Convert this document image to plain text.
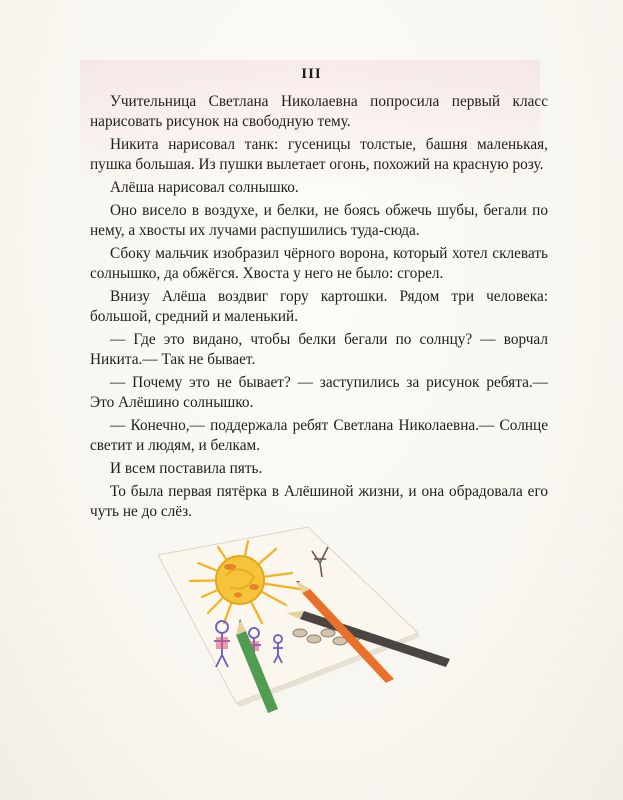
III

Учительница Светлана Николаевна попросила первый класс нарисовать рисунок на свободную тему.

Никита нарисовал танк: гусеницы толстые, башня маленькая, пушка большая. Из пушки вылетает огонь, похожий на красную розу.

Алёша нарисовал солнышко.

Оно висело в воздухе, и белки, не боясь обжечь шубы, бегали по нему, а хвосты их лучами распушились туда-сюда.

Сбоку мальчик изобразил чёрного ворона, который хотел склевать солнышко, да обжёгся. Хвоста у него не было: сгорел.

Внизу Алёша воздвиг гору картошки. Рядом три человека: большой, средний и маленький.

— Где это видано, чтобы белки бегали по солнцу? — ворчал Никита.— Так не бывает.

— Почему это не бывает? — заступились за рисунок ребята.— Это Алёшино солнышко.

— Конечно,— поддержала ребят Светлана Николаевна.— Солнце светит и людям, и белкам.

И всем поставила пять.

То была первая пятёрка в Алёшиной жизни, и она обрадовала его чуть не до слёз.
